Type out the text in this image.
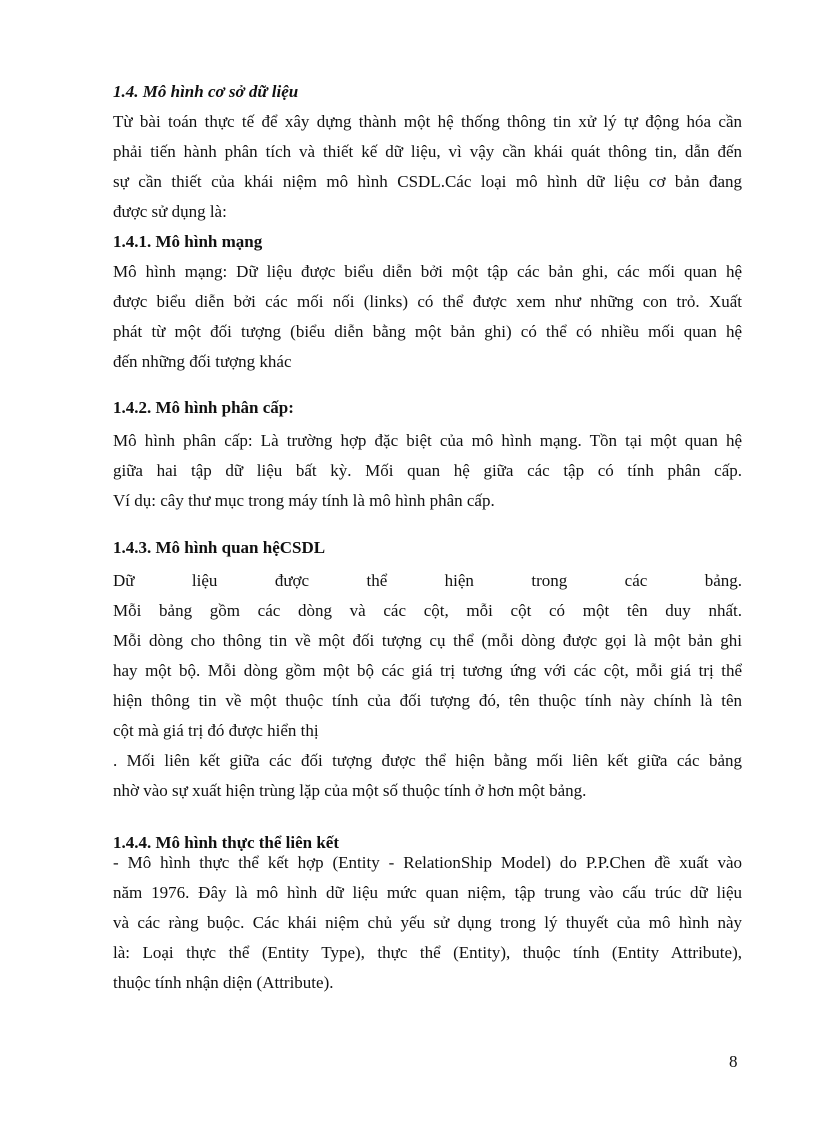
1.4. Mô hình cơ sở dữ liệu
Từ bài toán thực tế để xây dựng thành một hệ thống thông tin xử lý tự động hóa cần
phải tiến hành phân tích và thiết kế dữ liệu, vì vậy cần khái quát thông tin, dẫn đến
sự cần thiết của khái niệm mô hình CSDL.Các loại mô hình dữ liệu cơ bản đang
được sử dụng là:
1.4.1. Mô hình mạng
Mô hình mạng: Dữ liệu được biểu diễn bởi một tập các bản ghi, các mối quan hệ
được biểu diễn bởi các mối nối (links) có thể được xem như những con trỏ. Xuất
phát từ một đối tượng (biểu diễn bằng một bản ghi) có thể có nhiều mối quan hệ
đến những đối tượng khác
1.4.2. Mô hình phân cấp:
Mô hình phân cấp: Là trường hợp đặc biệt của mô hình mạng. Tồn tại một quan hệ
giữa hai tập dữ liệu bất kỳ. Mối quan hệ giữa các tập có tính phân cấp.
Ví dụ: cây thư mục trong máy tính là mô hình phân cấp.
1.4.3. Mô hình quan hệCSDL
Dữ liệu được thể hiện trong các bảng.
Mỗi bảng gồm các dòng và các cột, mỗi cột có một tên duy nhất.
Mỗi dòng cho thông tin về một đối tượng cụ thể (mỗi dòng được gọi là một bản ghi
hay một bộ. Mỗi dòng gồm một bộ các giá trị tương ứng với các cột, mỗi giá trị thể
hiện thông tin về một thuộc tính của đối tượng đó, tên thuộc tính này chính là tên
cột mà giá trị đó được hiển thị
. Mối liên kết giữa các đối tượng được thể hiện bằng mối liên kết giữa các bảng
nhờ vào sự xuất hiện trùng lặp của một số thuộc tính ở hơn một bảng.
1.4.4. Mô hình thực thể liên kết
- Mô hình thực thể kết hợp (Entity - RelationShip Model) do P.P.Chen đề xuất vào
năm 1976. Đây là mô hình dữ liệu mức quan niệm, tập trung vào cấu trúc dữ liệu
và các ràng buộc. Các khái niệm chủ yếu sử dụng trong lý thuyết của mô hình này
là: Loại thực thể (Entity Type), thực thể (Entity), thuộc tính (Entity Attribute),
thuộc tính nhận diện (Attribute).
8
